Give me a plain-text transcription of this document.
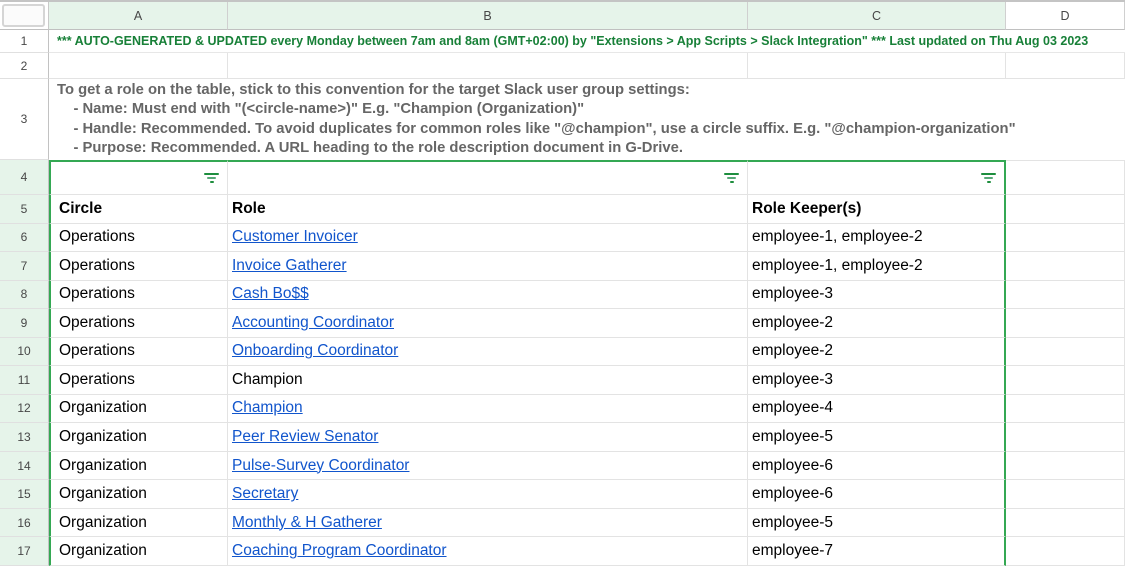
A	B	C	D
1	*** AUTO-GENERATED & UPDATED every Monday between 7am and 8am (GMT+02:00) by "Extensions > App Scripts > Slack Integration" *** Last updated on Thu Aug 03 2023
2
3
To get a role on the table, stick to this convention for the target Slack user group settings:
- Name: Must end with "(<circle-name>)" E.g. "Champion (Organization)"
- Handle: Recommended. To avoid duplicates for common roles like "@champion", use a circle suffix. E.g. "@champion-organization"
- Purpose: Recommended. A URL heading to the role description document in G-Drive.
4
5	Circle	Role	Role Keeper(s)
6	Operations	Customer Invoicer	employee-1, employee-2
7	Operations	Invoice Gatherer	employee-1, employee-2
8	Operations	Cash Bo$$	employee-3
9	Operations	Accounting Coordinator	employee-2
10	Operations	Onboarding Coordinator	employee-2
11	Operations	Champion	employee-3
12	Organization	Champion	employee-4
13	Organization	Peer Review Senator	employee-5
14	Organization	Pulse-Survey Coordinator	employee-6
15	Organization	Secretary	employee-6
16	Organization	Monthly & H Gatherer	employee-5
17	Organization	Coaching Program Coordinator	employee-7
